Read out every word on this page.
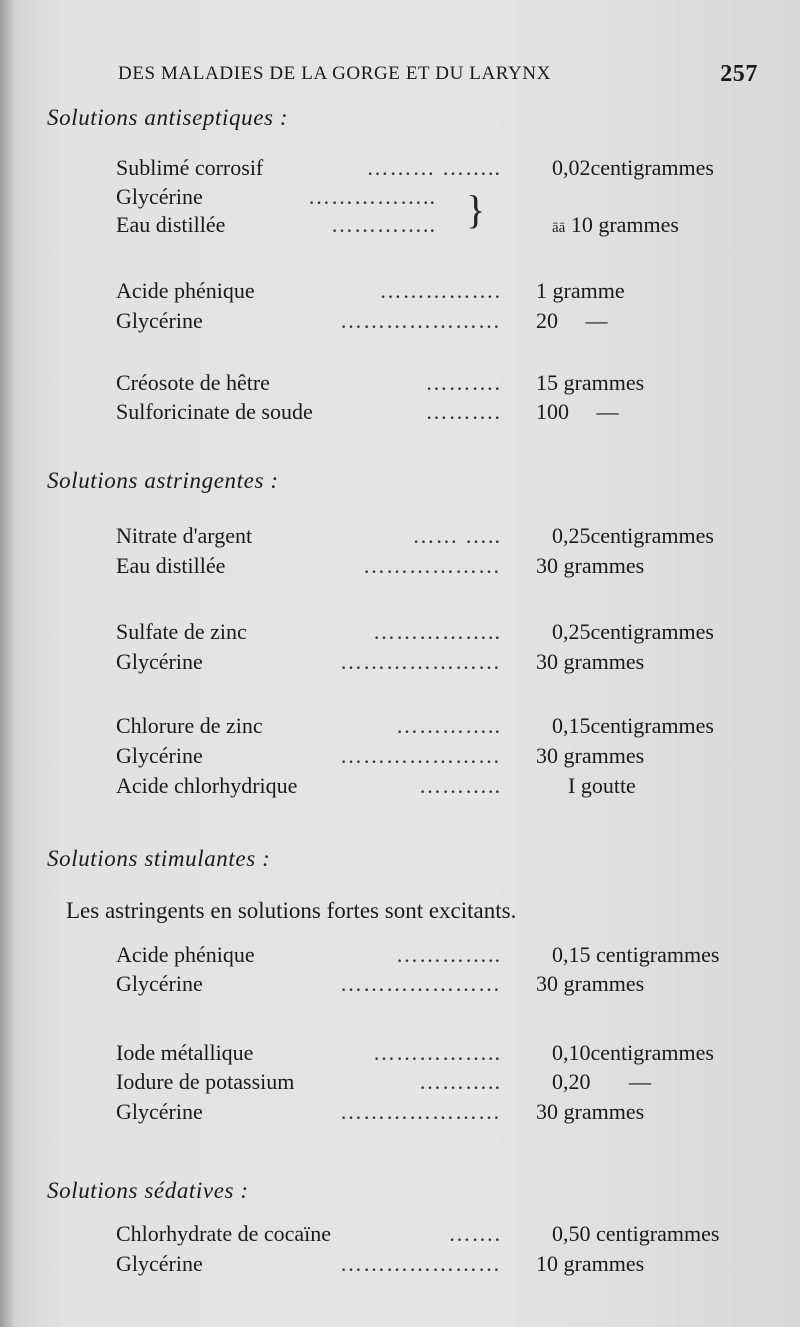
DES MALADIES DE LA GORGE ET DU LARYNX	257
Solutions antiseptiques :
Solutions astringentes :
Solutions stimulantes :
Les astringents en solutions fortes sont excitants.
Solutions sédatives :
Sublimé corrosif	……… …….. 0,02centigrammes
Glycérine	……………..
Eau distillée	…………..	āā 10 grammes
}
Acide phénique	……………. 1 gramme
Glycérine	………………… 20     —
Créosote de hêtre	………. 15 grammes
Sulforicinate de soude	………. 100     —
Nitrate d'argent	…… ….. 0,25centigrammes
Eau distillée	……………… 30 grammes
Sulfate de zinc	…………….. 0,25centigrammes
Glycérine	………………… 30 grammes
Chlorure de zinc	………….. 0,15centigrammes
Glycérine	………………… 30 grammes
Acide chlorhydrique	………..	I goutte
Acide phénique	………….. 0,15 centigrammes
Glycérine	………………… 30 grammes
Iode métallique	…………….. 0,10centigrammes
Iodure de potassium	……….. 0,20       —
Glycérine	………………… 30 grammes
Chlorhydrate de cocaïne	……. 0,50 centigrammes
Glycérine	………………… 10 grammes
